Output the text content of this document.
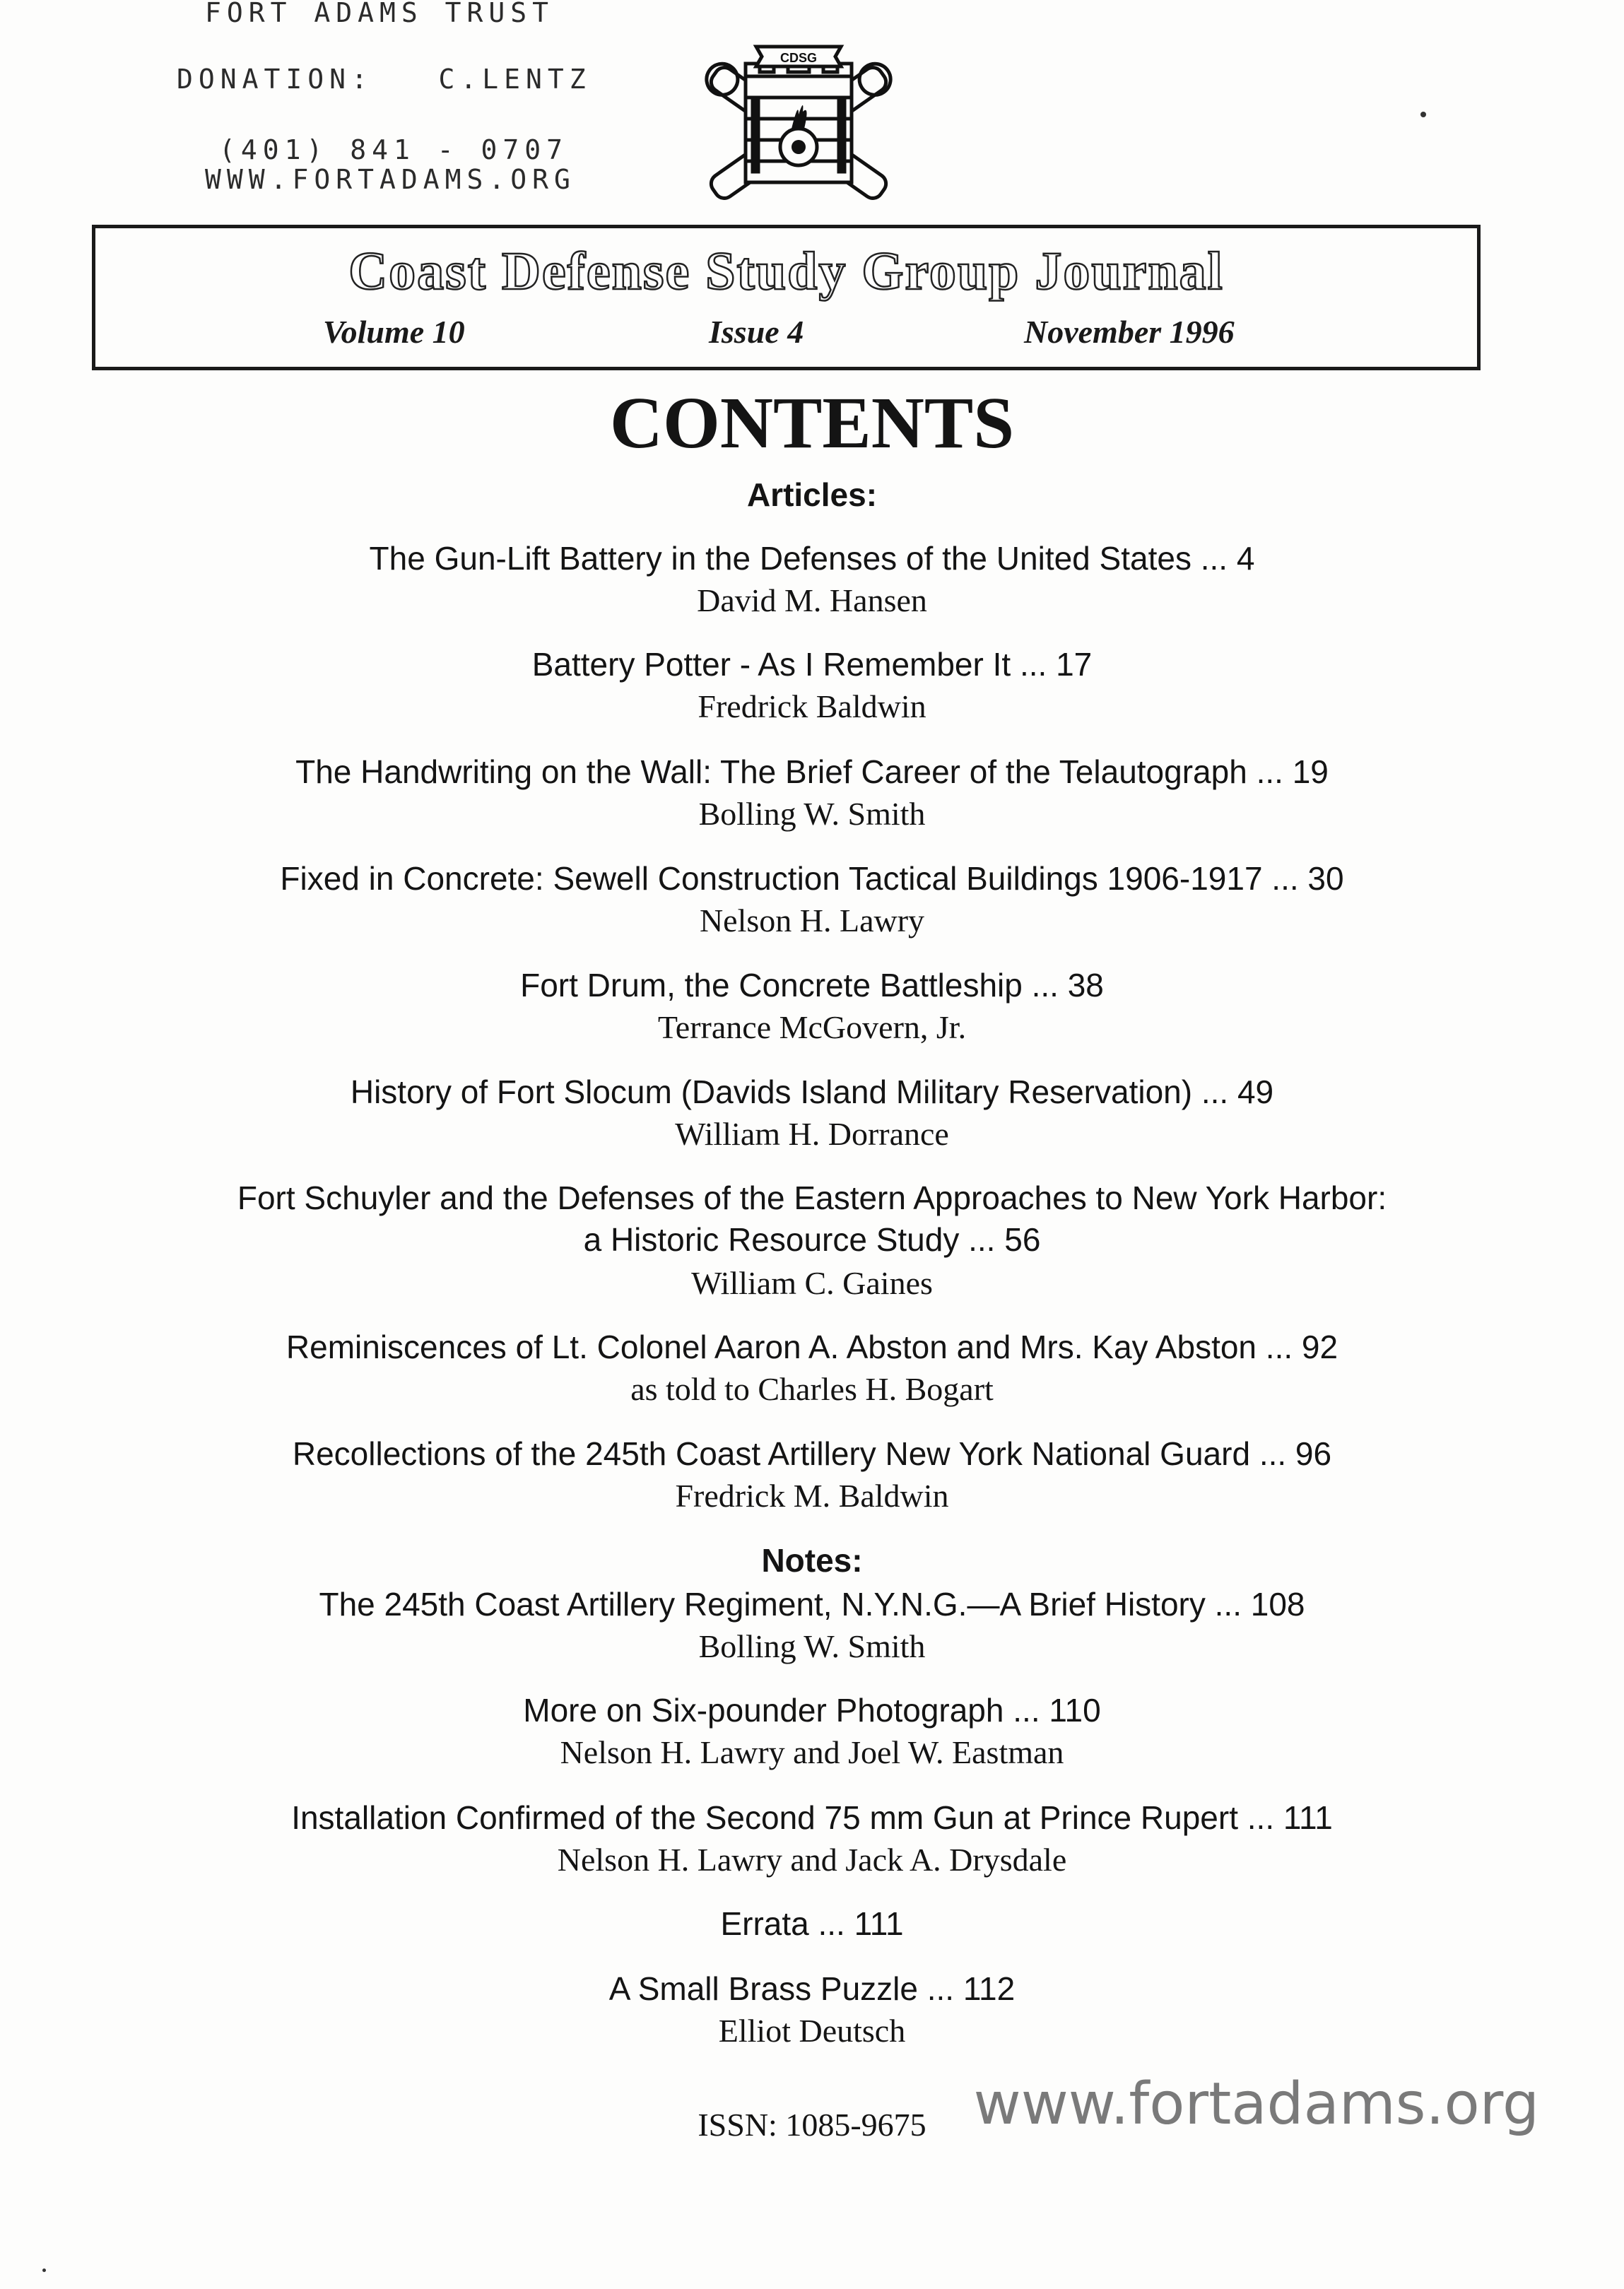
FORT ADAMS TRUST

DONATION:   C.LENTZ

(401) 841 - 0707

WWW.FORTADAMS.ORG

CDSG
Coast Defense Study Group Journal
Volume 10	Issue 4	November 1996
CONTENTS
Articles:
The Gun-Lift Battery in the Defenses of the United States ... 4
David M. Hansen
Battery Potter - As I Remember It ... 17
Fredrick Baldwin
The Handwriting on the Wall: The Brief Career of the Telautograph ... 19
Bolling W. Smith
Fixed in Concrete: Sewell Construction Tactical Buildings 1906-1917 ... 30
Nelson H. Lawry
Fort Drum, the Concrete Battleship ... 38
Terrance McGovern, Jr.
History of Fort Slocum (Davids Island Military Reservation) ... 49
William H. Dorrance
Fort Schuyler and the Defenses of the Eastern Approaches to New York Harbor:
a Historic Resource Study ... 56
William C. Gaines
Reminiscences of Lt. Colonel Aaron A. Abston and Mrs. Kay Abston ... 92
as told to Charles H. Bogart
Recollections of the 245th Coast Artillery New York National Guard ... 96
Fredrick M. Baldwin
Notes:
The 245th Coast Artillery Regiment, N.Y.N.G.—A Brief History ... 108
Bolling W. Smith
More on Six-pounder Photograph ... 110
Nelson H. Lawry and Joel W. Eastman
Installation Confirmed of the Second 75 mm Gun at Prince Rupert ... 111
Nelson H. Lawry and Jack A. Drysdale
Errata ... 111
A Small Brass Puzzle ... 112
Elliot Deutsch
ISSN: 1085-9675 www.fortadams.org
